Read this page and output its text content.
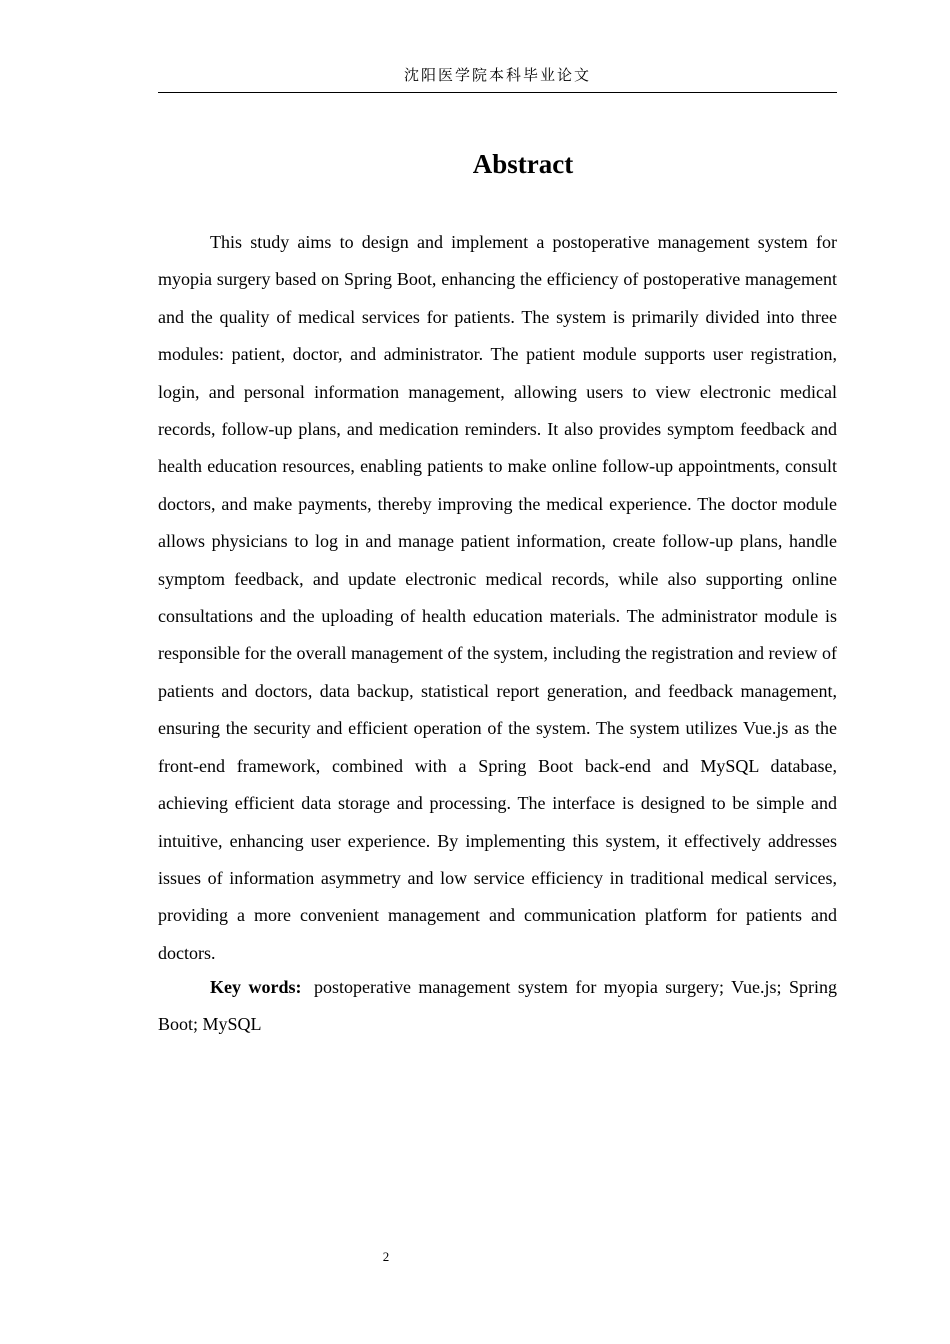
沈阳医学院本科毕业论文
Abstract

This study aims to design and implement a postoperative management system for myopia surgery based on Spring Boot, enhancing the efficiency of postoperative management and the quality of medical services for patients. The system is primarily divided into three modules: patient, doctor, and administrator. The patient module supports user registration, login, and personal information management, allowing users to view electronic medical records, follow-up plans, and medication reminders. It also provides symptom feedback and health education resources, enabling patients to make online follow-up appointments, consult doctors, and make payments, thereby improving the medical experience. The doctor module allows physicians to log in and manage patient information, create follow-up plans, handle symptom feedback, and update electronic medical records, while also supporting online consultations and the uploading of health education materials. The administrator module is responsible for the overall management of the system, including the registration and review of patients and doctors, data backup, statistical report generation, and feedback management, ensuring the security and efficient operation of the system. The system utilizes Vue.js as the front-end framework, combined with a Spring Boot back-end and MySQL database, achieving efficient data storage and processing. The interface is designed to be simple and intuitive, enhancing user experience. By implementing this system, it effectively addresses issues of information asymmetry and low service efficiency in traditional medical services, providing a more convenient management and communication platform for patients and doctors.

Key words: postoperative management system for myopia surgery; Vue.js; Spring Boot; MySQL

2
